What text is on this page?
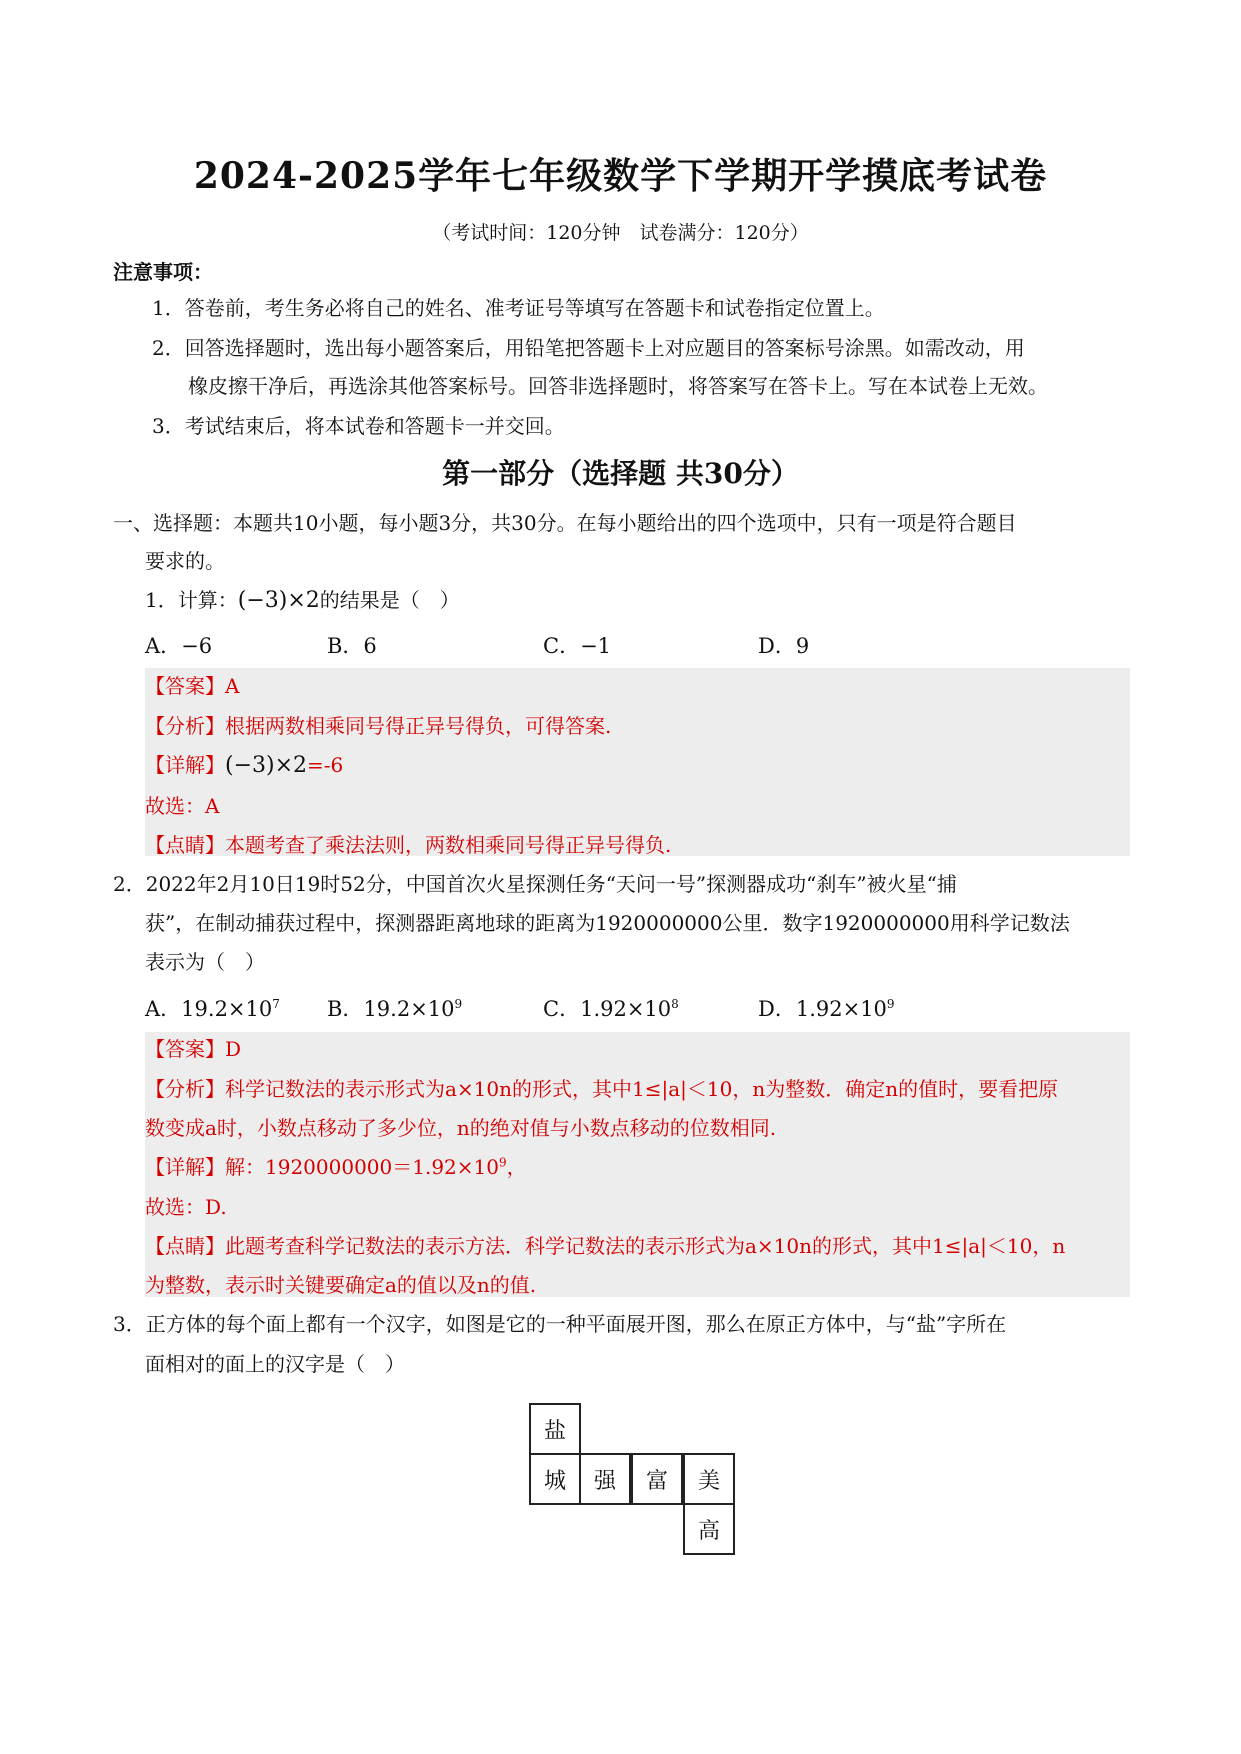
2024-2025学年七年级数学下学期开学摸底考试卷
（考试时间：120分钟　试卷满分：120分）
注意事项：
1．答卷前，考生务必将自己的姓名、准考证号等填写在答题卡和试卷指定位置上。
2．回答选择题时，选出每小题答案后，用铅笔把答题卡上对应题目的答案标号涂黑。如需改动，用
橡皮擦干净后，再选涂其他答案标号。回答非选择题时，将答案写在答卡上。写在本试卷上无效。
3．考试结束后，将本试卷和答题卡一并交回。
第一部分（选择题 共30分）
一、选择题：本题共10小题，每小题3分，共30分。在每小题给出的四个选项中，只有一项是符合题目
要求的。
1．计算：(−3)×2的结果是（　）
A．−6	B．6	C．−1	D．9
【答案】A
【分析】根据两数相乘同号得正异号得负，可得答案.
【详解】(−3)×2=-6
故选：A
【点睛】本题考查了乘法法则，两数相乘同号得正异号得负.
2．2022年2月10日19时52分，中国首次火星探测任务“天问一号”探测器成功“刹车”被火星“捕
获”，在制动捕获过程中，探测器距离地球的距离为1920000000公里．数字1920000000用科学记数法
表示为（　）
A．$19.2\times 10^7$ B．$19.2\times 10^9$	C．$1.92\times 10^8$	D．$1.92\times 10^9$
【答案】D
【分析】科学记数法的表示形式为a×10n的形式，其中1≤|a|＜10，n为整数．确定n的值时，要看把原
数变成a时，小数点移动了多少位，n的绝对值与小数点移动的位数相同.
【详解】解：$1920000000=1.92\times 10^9$，
故选：D.
【点睛】此题考查科学记数法的表示方法．科学记数法的表示形式为a×10n的形式，其中1≤|a|＜10，n
为整数，表示时关键要确定a的值以及n的值.
3．正方体的每个面上都有一个汉字，如图是它的一种平面展开图，那么在原正方体中，与“盐”字所在
面相对的面上的汉字是（　）
盐
城	强	富	美
高
